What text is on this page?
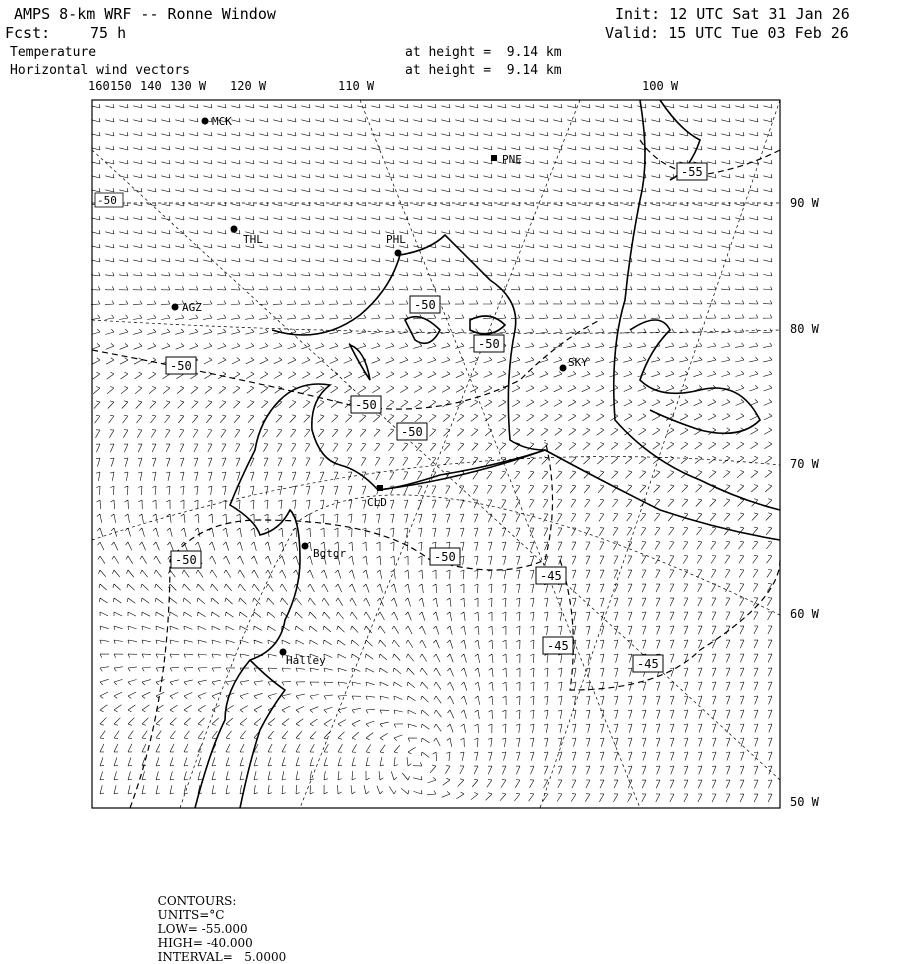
AMPS 8-km WRF -- Ronne Window
Fcst:	75 h
Temperature
Horizontal wind vectors
at height =  9.14 km
at height =  9.14 km
Init: 12 UTC Sat 31 Jan 26
Valid: 15 UTC Tue 03 Feb 26
160 150 140 130 W 120 W	110 W	100 W
90 W
80 W
70 W
60 W
50 W
MCK
PNE
THL	PHL
AGZ
SKY
CLD
Bgtgr
Halley
-55
-50
-50
-50
-50
-50
-50	-50
-50
-45
-45
-45

CONTOURS:
UNITS=°C
LOW= -55.000
HIGH= -40.000
INTERVAL=   5.0000
